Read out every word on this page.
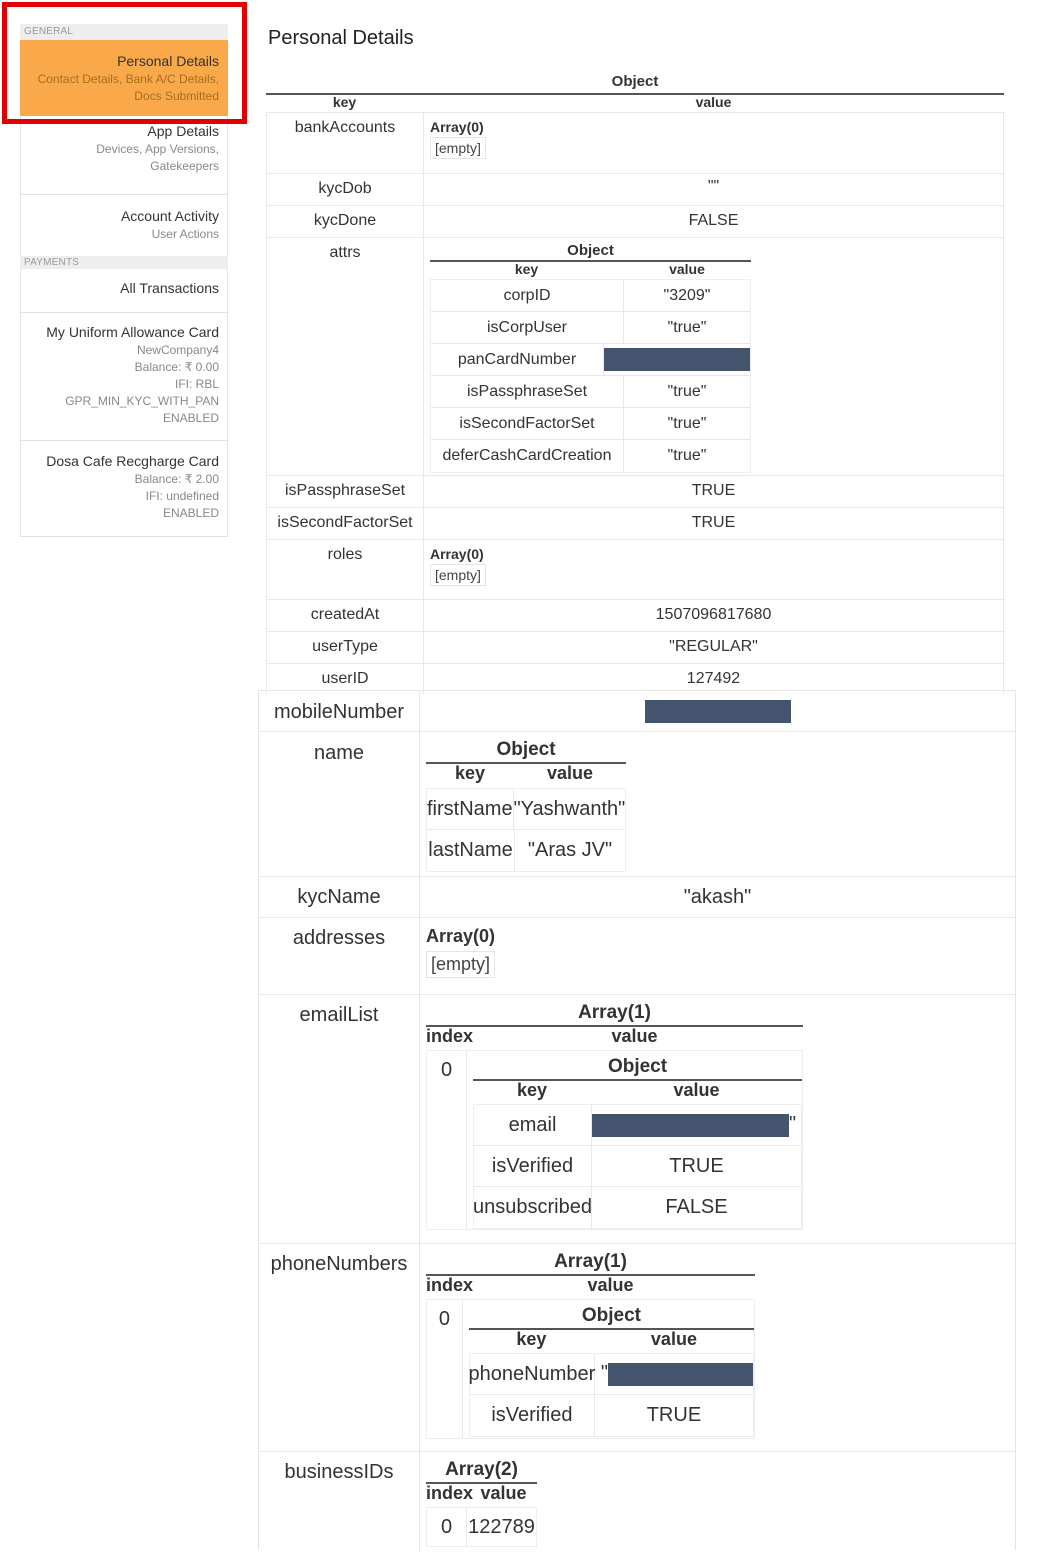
GENERAL
Personal Details
Contact Details, Bank A/C Details,
Docs Submitted
App Details
Devices, App Versions,
Gatekeepers
Account Activity
User Actions
PAYMENTS
All Transactions
My Uniform Allowance Card
NewCompany4
Balance: ₹ 0.00
IFI: RBL
GPR_MIN_KYC_WITH_PAN
ENABLED
Dosa Cafe Recgharge Card
Balance: ₹ 2.00
IFI: undefined
ENABLED
Personal Details
Object
key	value
bankAccounts	Array(0)
[empty]
kycDob	""
kycDone	FALSE
attrs	Object
key	value
corpID	"3209"
isCorpUser	"true"
panCardNumber
isPassphraseSet	"true"
isSecondFactorSet	"true"
deferCashCardCreation	"true"
isPassphraseSet	TRUE
isSecondFactorSet	TRUE
roles	Array(0)
[empty]
createdAt	1507096817680
userType	"REGULAR"
userID	127492
mobileNumber
name	Object
key	value
firstName "Yashwanth"
lastName "Aras JV"
kycName	"akash"
addresses	Array(0)
[empty]
emailList	Array(1)
index	value
0	Object
key	value
email	"
isVerified	TRUE
unsubscribed	FALSE
phoneNumbers	Array(1)
index	value
0	Object
key	value
phoneNumber "
isVerified	TRUE
businessIDs	Array(2)
index value
0 122789
